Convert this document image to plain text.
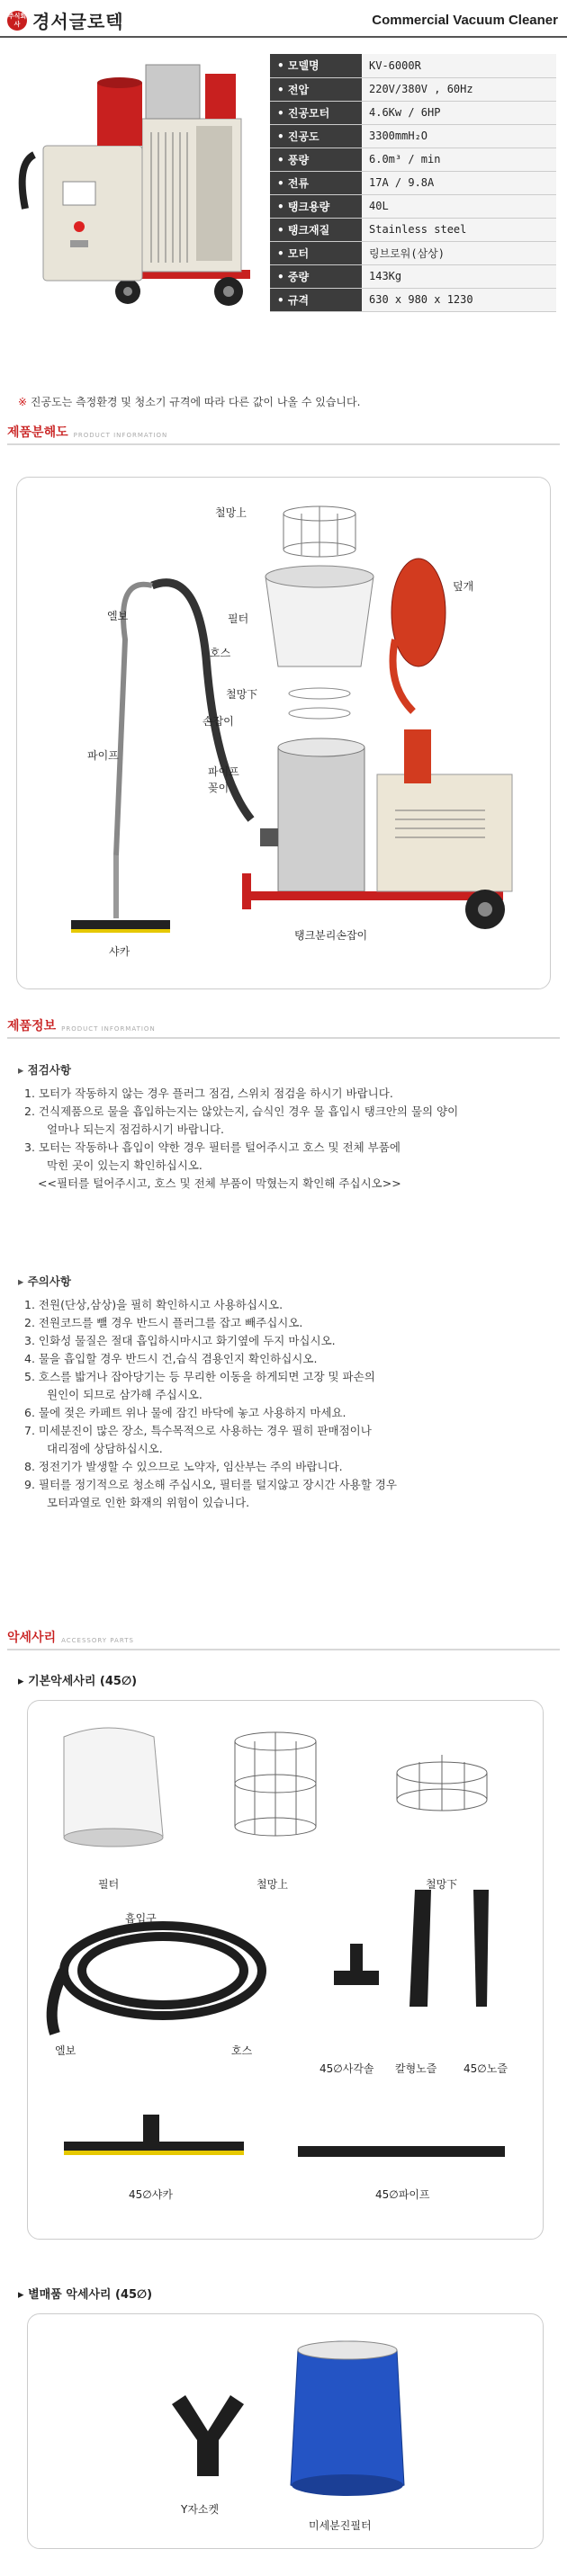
주식회사 경서글로텍	Commercial Vacuum Cleaner
• 모델명	KV-6000R
• 전압	220V/380V , 60Hz
• 진공모터	4.6Kw / 6HP
• 진공도	3300mmH₂O
• 풍량	6.0m³ / min
• 전류	17A / 9.8A
• 탱크용량	40L
• 탱크재질	Stainless steel
• 모터	링브로워(삼상)
• 중량	143Kg
• 규격	630 x 980 x 1230
※ 진공도는 측정환경 및 청소기 규격에 따라 다른 값이 나올 수 있습니다.
제품분해도 PRODUCT INFORMATION
철망上
덮개
엘보	필터
호스
철망下
손잡이
파이프
파이프
꽂이
샤카
탱크분리손잡이
제품정보 PRODUCT INFORMATION
▸ 점검사항
1. 모터가 작동하지 않는 경우 플러그 점검, 스위치 점검을 하시기 바랍니다.
2. 건식제품으로 물을 흡입하는지는 않았는지, 습식인 경우 물 흡입시 탱크안의 물의 양이
얼마나 되는지 점검하시기 바랍니다.
3. 모터는 작동하나 흡입이 약한 경우 필터를 털어주시고 호스 및 전체 부품에
막힌 곳이 있는지 확인하십시오.
<<필터를 털어주시고, 호스 및 전체 부품이 막혔는지 확인해 주십시오>>
▸ 주의사항
1. 전원(단상,삼상)을 필히 확인하시고 사용하십시오.
2. 전원코드를 뺄 경우 반드시 플러그를 잡고 빼주십시오.
3. 인화성 물질은 절대 흡입하시마시고 화기옆에 두지 마십시오.
4. 물을 흡입할 경우 반드시 건,습식 겸용인지 확인하십시오.
5. 호스를 밟거나 잡아당기는 등 무리한 이동을 하게되면 고장 및 파손의
원인이 되므로 삼가해 주십시오.
6. 물에 젖은 카페트 위나 물에 잠긴 바닥에 놓고 사용하지 마세요.
7. 미세분진이 많은 장소, 특수목적으로 사용하는 경우 필히 판매점이나
대리점에 상담하십시오.
8. 정전기가 발생할 수 있으므로 노약자, 임산부는 주의 바랍니다.
9. 필터를 정기적으로 청소해 주십시오, 필터를 털지않고 장시간 사용할 경우
모터과열로 인한 화재의 위험이 있습니다.
악세사리 ACCESSORY PARTS
▸ 기본악세사리 (45∅)
필터	철망上	철망下
흡입구
엘보	호스
45∅사각솔 칼형노즐 45∅노즐
45∅샤카	45∅파이프
▸ 별매품 악세사리 (45∅)
Y자소켓
미세분진필터
